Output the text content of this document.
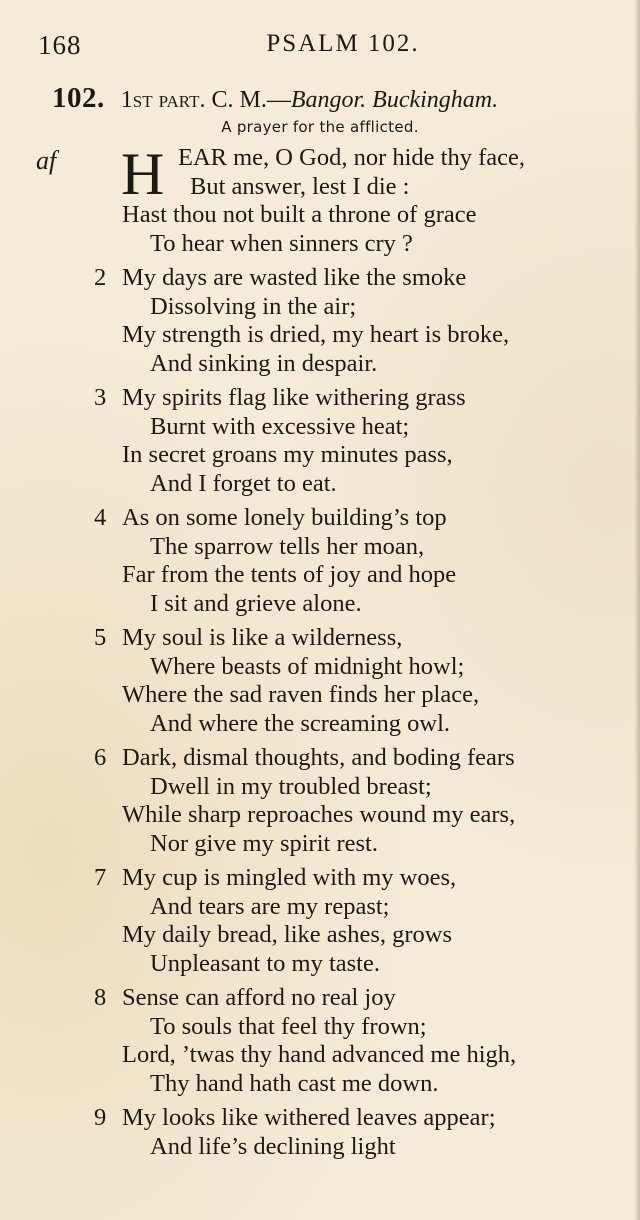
168	PSALM 102.
102. 1st part. C. M.—Bangor. Buckingham.
A prayer for the afflicted.
af H EAR me, O God, nor hide thy face,
But answer, lest I die :
Hast thou not built a throne of grace
To hear when sinners cry ?
2 My days are wasted like the smoke
Dissolving in the air;
My strength is dried, my heart is broke,
And sinking in despair.
3 My spirits flag like withering grass
Burnt with excessive heat;
In secret groans my minutes pass,
And I forget to eat.
4 As on some lonely building’s top
The sparrow tells her moan,
Far from the tents of joy and hope
I sit and grieve alone.
5 My soul is like a wilderness,
Where beasts of midnight howl;
Where the sad raven finds her place,
And where the screaming owl.
6 Dark, dismal thoughts, and boding fears
Dwell in my troubled breast;
While sharp reproaches wound my ears,
Nor give my spirit rest.
7 My cup is mingled with my woes,
And tears are my repast;
My daily bread, like ashes, grows
Unpleasant to my taste.
8 Sense can afford no real joy
To souls that feel thy frown;
Lord, ’twas thy hand advanced me high,
Thy hand hath cast me down.
9 My looks like withered leaves appear;
And life’s declining light
